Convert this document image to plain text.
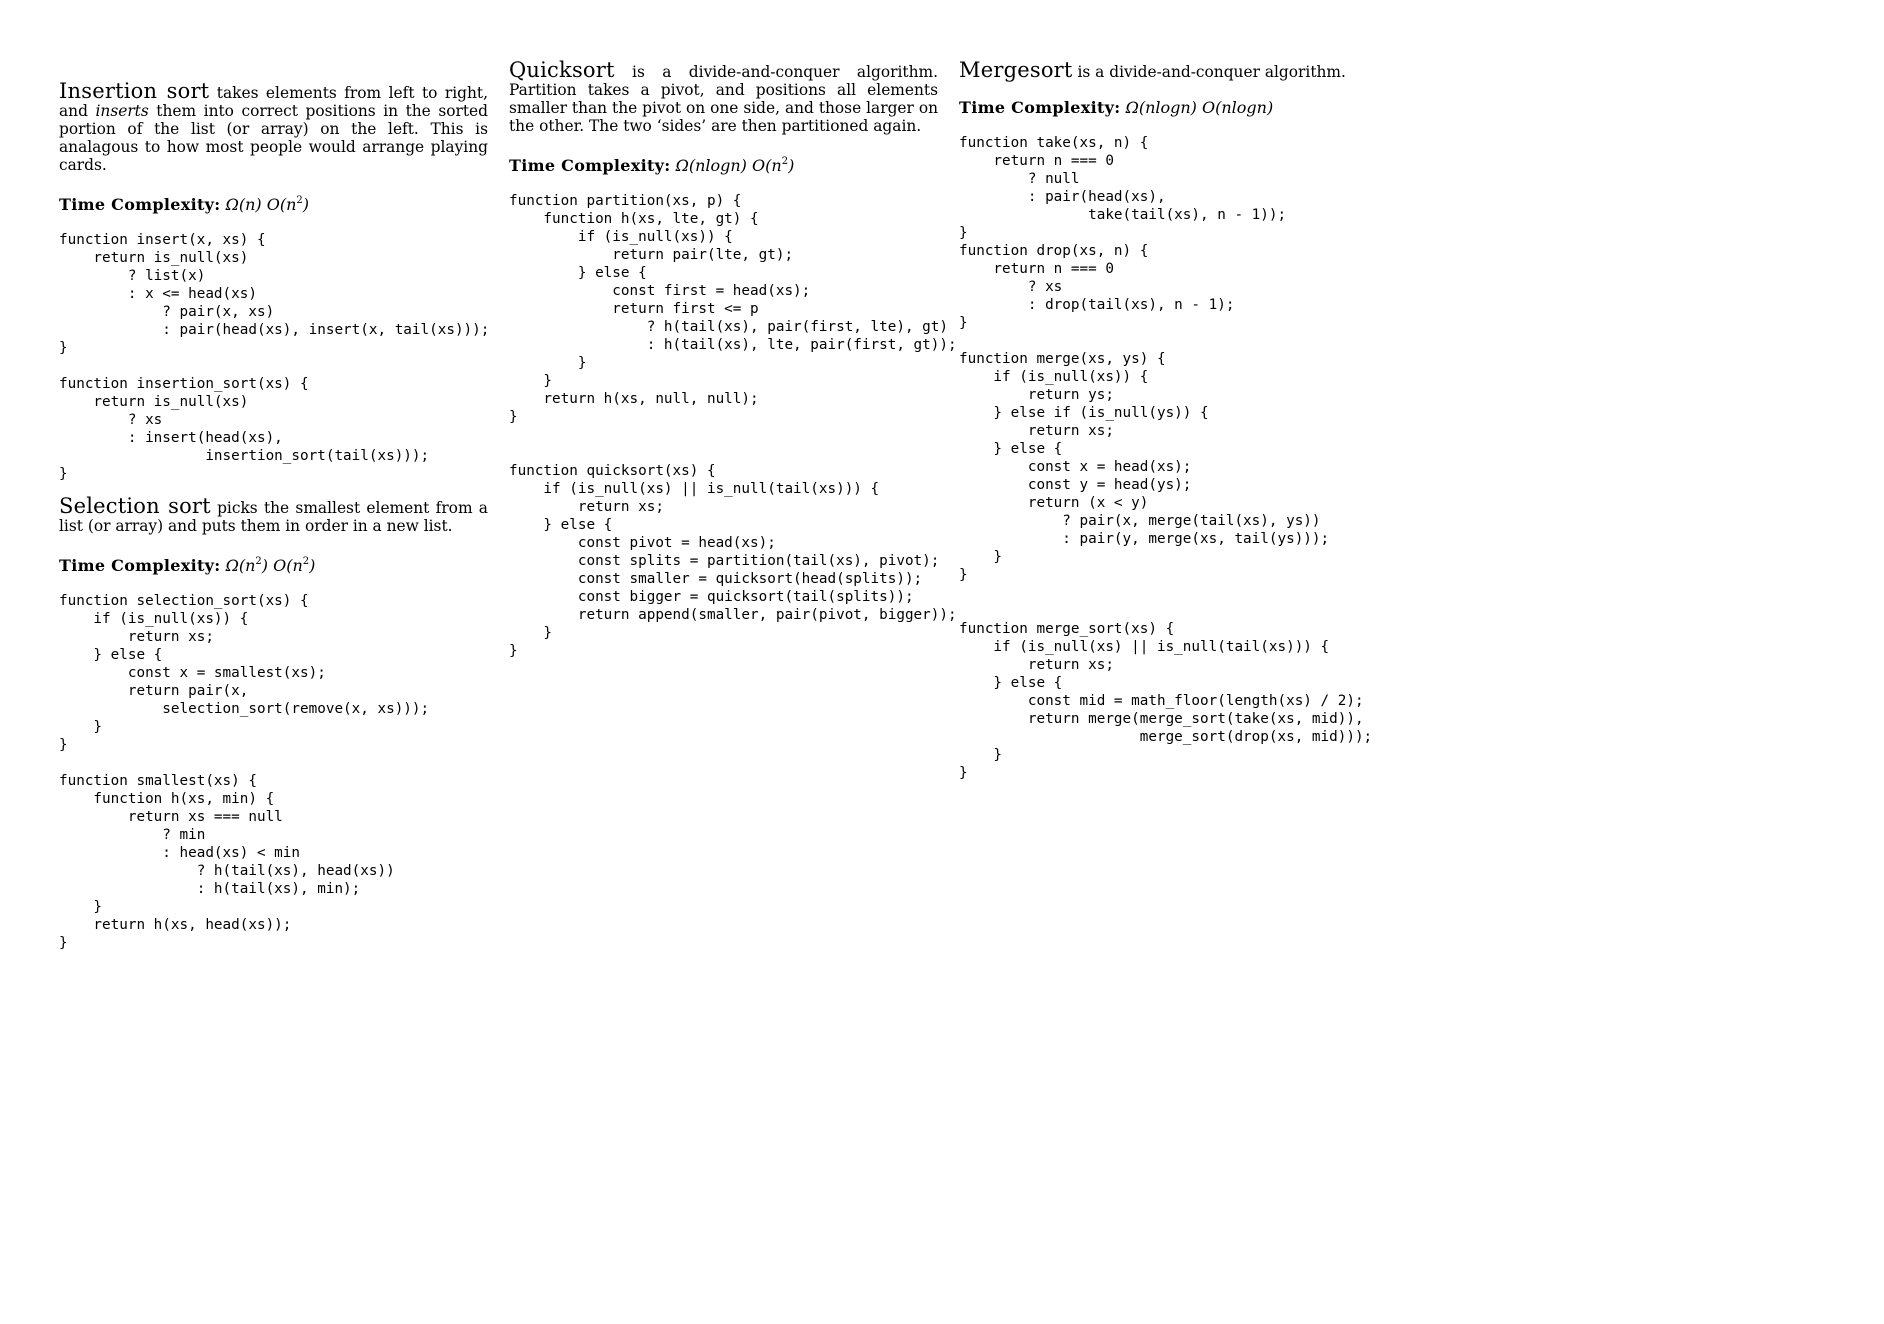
Insertion sort takes elements from left to right, and inserts them into correct positions in the sorted portion of the list (or array) on the left. This is analagous to how most people would arrange playing cards.

Time Complexity: Ω(n) $O(n^2)$
function insert(x, xs) {
return is_null(xs)
? list(x)
: x <= head(xs)
? pair(x, xs)
: pair(head(xs), insert(x, tail(xs)));
}
function insertion_sort(xs) {
return is_null(xs)
? xs
: insert(head(xs),
insertion_sort(tail(xs)));
}

Selection sort picks the smallest element from a list (or array) and puts them in order in a new list.

Time Complexity: $\Omega(n^2)$ $O(n^2)$
function selection_sort(xs) {
if (is_null(xs)) {
return xs;
} else {
const x = smallest(xs);
return pair(x,
selection_sort(remove(x, xs)));
}
}
function smallest(xs) {
function h(xs, min) {
return xs === null
? min
: head(xs) < min
? h(tail(xs), head(xs))
: h(tail(xs), min);
}
return h(xs, head(xs));
}

Quicksort is a divide-and-conquer algorithm. Partition takes a pivot, and positions all elements smaller than the pivot on one side, and those larger on the other. The two ‘sides’ are then partitioned again.

Time Complexity: Ω(nlogn) $O(n^2)$
function partition(xs, p) {
function h(xs, lte, gt) {
if (is_null(xs)) {
return pair(lte, gt);
} else {
const first = head(xs);
return first <= p
? h(tail(xs), pair(first, lte), gt)
: h(tail(xs), lte, pair(first, gt));
}
}
return h(xs, null, null);
}
function quicksort(xs) {
if (is_null(xs) || is_null(tail(xs))) {
return xs;
} else {
const pivot = head(xs);
const splits = partition(tail(xs), pivot);
const smaller = quicksort(head(splits));
const bigger = quicksort(tail(splits));
return append(smaller, pair(pivot, bigger));
}
}

Mergesort is a divide-and-conquer algorithm.

Time Complexity: Ω(nlogn) O(nlogn)
function take(xs, n) {
return n === 0
? null
: pair(head(xs),
take(tail(xs), n - 1));
}
function drop(xs, n) {
return n === 0
? xs
: drop(tail(xs), n - 1);
}
function merge(xs, ys) {
if (is_null(xs)) {
return ys;
} else if (is_null(ys)) {
return xs;
} else {
const x = head(xs);
const y = head(ys);
return (x < y)
? pair(x, merge(tail(xs), ys))
: pair(y, merge(xs, tail(ys)));
}
}
function merge_sort(xs) {
if (is_null(xs) || is_null(tail(xs))) {
return xs;
} else {
const mid = math_floor(length(xs) / 2);
return merge(merge_sort(take(xs, mid)),
merge_sort(drop(xs, mid)));
}
}
